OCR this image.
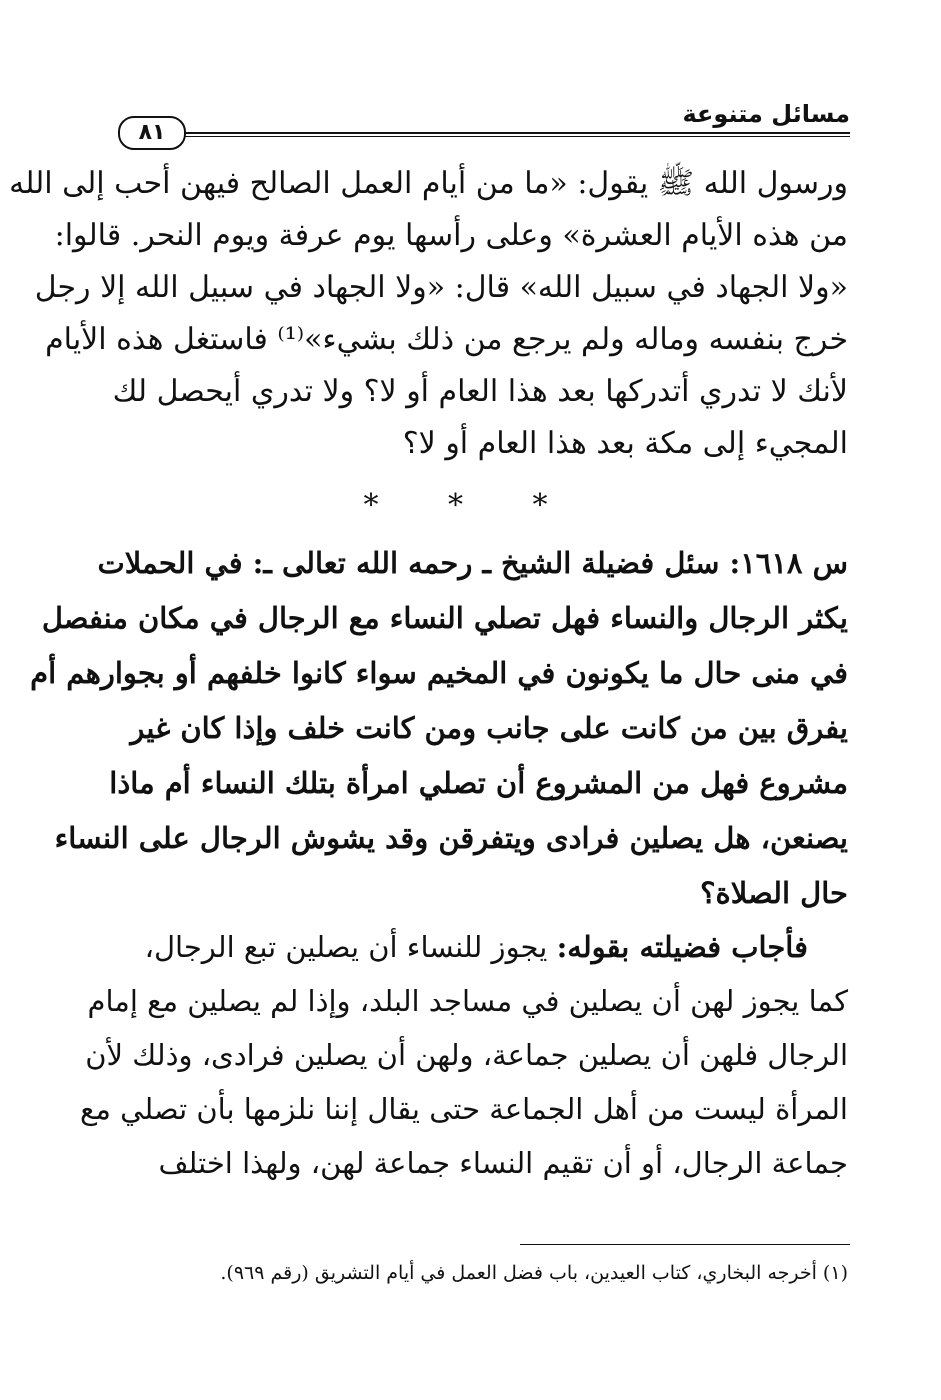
مسائل متنوعة
٨١
ورسول الله ﷺ يقول: «ما من أيام العمل الصالح فيهن أحب إلى الله
من هذه الأيام العشرة» وعلى رأسها يوم عرفة ويوم النحر. قالوا:
«ولا الجهاد في سبيل الله» قال: «ولا الجهاد في سبيل الله إلا رجل
خرج بنفسه وماله ولم يرجع من ذلك بشيء»⁽¹⁾ فاستغل هذه الأيام
لأنك لا تدري أتدركها بعد هذا العام أو لا؟ ولا تدري أيحصل لك
المجيء إلى مكة بعد هذا العام أو لا؟
* * *
س ١٦١٨: سئل فضيلة الشيخ ـ رحمه الله تعالى ـ: في الحملات
يكثر الرجال والنساء فهل تصلي النساء مع الرجال في مكان منفصل
في منى حال ما يكونون في المخيم سواء كانوا خلفهم أو بجوارهم أم
يفرق بين من كانت على جانب ومن كانت خلف وإذا كان غير
مشروع فهل من المشروع أن تصلي امرأة بتلك النساء أم ماذا
يصنعن، هل يصلين فرادى ويتفرقن وقد يشوش الرجال على النساء
حال الصلاة؟
فأجاب فضيلته بقوله: يجوز للنساء أن يصلين تبع الرجال،
كما يجوز لهن أن يصلين في مساجد البلد، وإذا لم يصلين مع إمام
الرجال فلهن أن يصلين جماعة، ولهن أن يصلين فرادى، وذلك لأن
المرأة ليست من أهل الجماعة حتى يقال إننا نلزمها بأن تصلي مع
جماعة الرجال، أو أن تقيم النساء جماعة لهن، ولهذا اختلف
(١) أخرجه البخاري، كتاب العيدين، باب فضل العمل في أيام التشريق (رقم ٩٦٩).
